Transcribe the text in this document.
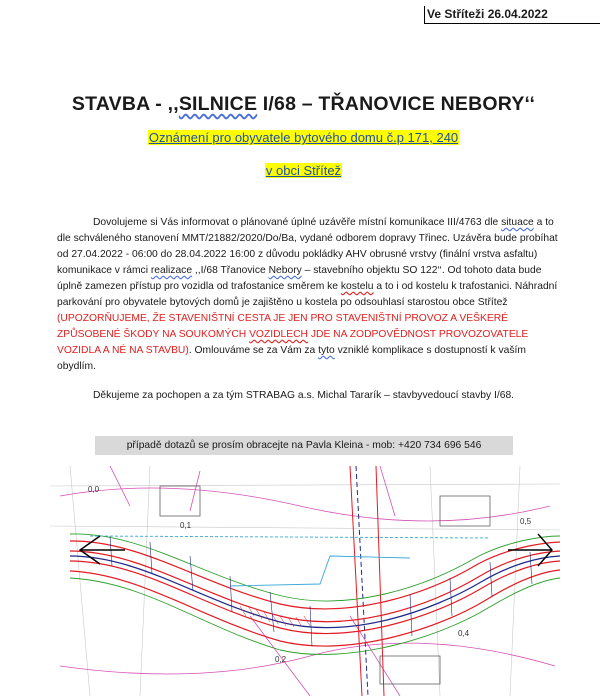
Ve Stříteži 26.04.2022
STAVBA - ,,SILNICE I/68 – TŘANOVICE NEBORY‘‘
Oznámení pro obyvatele bytového domu č.p 171, 240
v obci Střítež
Dovolujeme si Vás informovat o plánované úplné uzávěře místní komunikace III/4763 dle situace a to dle schváleného stanovení MMT/21882/2020/Do/Ba, vydané odborem dopravy Třinec. Uzávěra bude probíhat od 27.04.2022 - 06:00 do 28.04.2022 16:00 z důvodu pokládky AHV obrusné vrstvy (finální vrstva asfaltu) komunikace v rámci realizace ,,I/68 Třanovice Nebory – stavebního objektu SO 122‘‘. Od tohoto data bude úplně zamezen přístup pro vozidla od trafostanice směrem ke kostelu a to i od kostelu k trafostanici. Náhradní parkování pro obyvatele bytových domů je zajištěno u kostela po odsouhlasí starostou obce Střítež (UPOZORŇUJEME, ŽE STAVENIŠTNÍ CESTA JE JEN PRO STAVENIŠTNÍ PROVOZ A VEŠKERÉ ZPŮSOBENÉ ŠKODY NA SOUKOMÝCH VOZIDLECH JDE NA ZODPOVĚDNOST PROVOZOVATELE VOZIDLA A NÉ NA STAVBU). Omlouváme se za Vám za tyto vzniklé komplikace s dostupností k vaším obydlím.
Děkujeme za pochopen a za tým STRABAG a.s. Michal Tararík – stavbyvedoucí stavby I/68.
případě dotazů se prosím obracejte na Pavla Kleina - mob: +420 734 696 546
0,0
0,1
0,2
0,4
0,5
